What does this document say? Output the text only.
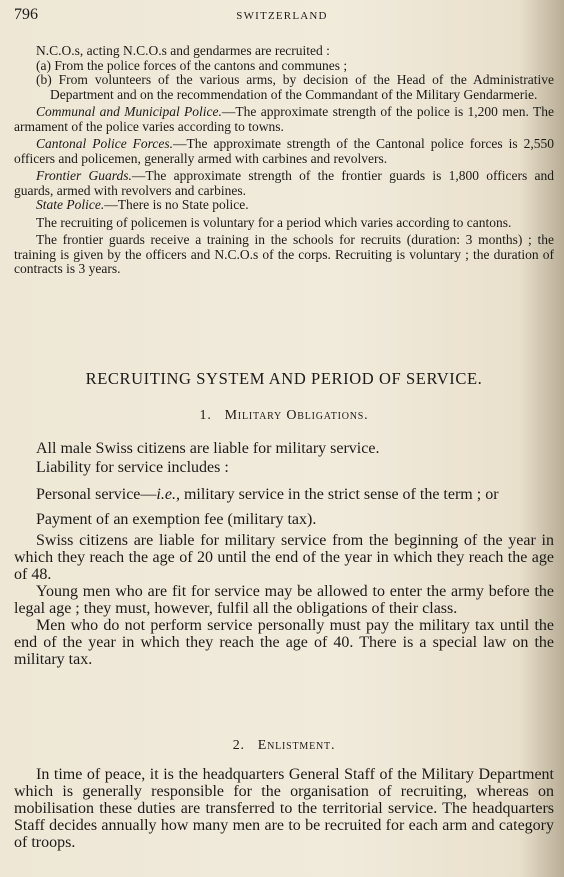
796	SWITZERLAND

N.C.O.s, acting N.C.O.s and gendarmes are recruited :

(a) From the police forces of the cantons and communes ;

(b) From volunteers of the various arms, by decision of the Head of the Administrative Department and on the recommendation of the Commandant of the Military Gendarmerie.

Communal and Municipal Police.—The approximate strength of the police is 1,200 men. The armament of the police varies according to towns.

Cantonal Police Forces.—The approximate strength of the Cantonal police forces is 2,550 officers and policemen, generally armed with carbines and revolvers.

Frontier Guards.—The approximate strength of the frontier guards is 1,800 officers and guards, armed with revolvers and carbines.

State Police.—There is no State police.

The recruiting of policemen is voluntary for a period which varies according to cantons.

The frontier guards receive a training in the schools for recruits (duration: 3 months) ; the training is given by the officers and N.C.O.s of the corps. Recruiting is voluntary ; the duration of contracts is 3 years.

RECRUITING SYSTEM AND PERIOD OF SERVICE.
1. Military Obligations.

All male Swiss citizens are liable for military service.

Liability for service includes :

Personal service—i.e., military service in the strict sense of the term ; or

Payment of an exemption fee (military tax).

Swiss citizens are liable for military service from the beginning of the year in which they reach the age of 20 until the end of the year in which they reach the age of 48.

Young men who are fit for service may be allowed to enter the army before the legal age ; they must, however, fulfil all the obligations of their class.

Men who do not perform service personally must pay the military tax until the end of the year in which they reach the age of 40. There is a special law on the military tax.

2. Enlistment.

In time of peace, it is the headquarters General Staff of the Military Department which is generally responsible for the organisation of recruiting, whereas on mobilisation these duties are transferred to the territorial service. The headquarters Staff decides annually how many men are to be recruited for each arm and category of troops.
